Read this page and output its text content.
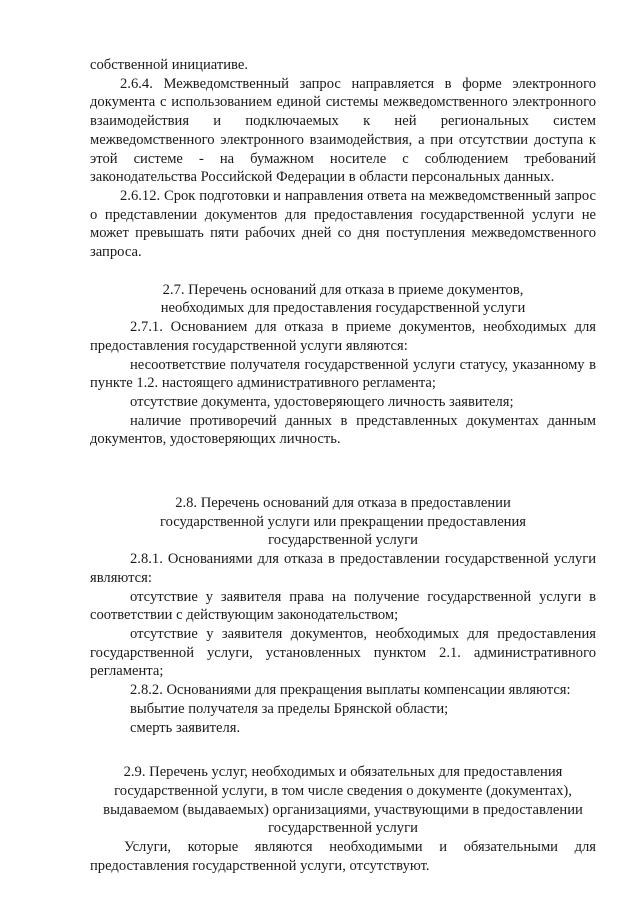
собственной инициативе.

2.6.4. Межведомственный запрос направляется в форме электронного документа с использованием единой системы межведомственного электронного взаимодействия и подключаемых к ней региональных систем межведомственного электронного взаимодействия, а при отсутствии доступа к этой системе - на бумажном носителе с соблюдением требований законодательства Российской Федерации в области персональных данных.

2.6.12. Срок подготовки и направления ответа на межведомственный запрос о представлении документов для предоставления государственной услуги не может превышать пяти рабочих дней со дня поступления межведомственного запроса.

2.7. Перечень оснований для отказа в приеме документов,

необходимых для предоставления государственной услуги

2.7.1. Основанием для отказа в приеме документов, необходимых для предоставления государственной услуги являются:

несоответствие получателя государственной услуги статусу, указанному в пункте 1.2. настоящего административного регламента;

отсутствие документа, удостоверяющего личность заявителя;

наличие противоречий данных в представленных документах данным документов, удостоверяющих личность.

2.8. Перечень оснований для отказа в предоставлении

государственной услуги или прекращении предоставления

государственной услуги

2.8.1. Основаниями для отказа в предоставлении государственной услуги являются:

отсутствие у заявителя права на получение государственной услуги в соответствии с действующим законодательством;

отсутствие у заявителя документов, необходимых для предоставления государственной услуги, установленных пунктом 2.1. административного регламента;

2.8.2. Основаниями для прекращения выплаты компенсации являются:

выбытие получателя за пределы Брянской области;

смерть заявителя.

2.9. Перечень услуг, необходимых и обязательных для предоставления

государственной услуги, в том числе сведения о документе (документах),

выдаваемом (выдаваемых) организациями, участвующими в предоставлении

государственной услуги

Услуги, которые являются необходимыми и обязательными для предоставления государственной услуги, отсутствуют.
